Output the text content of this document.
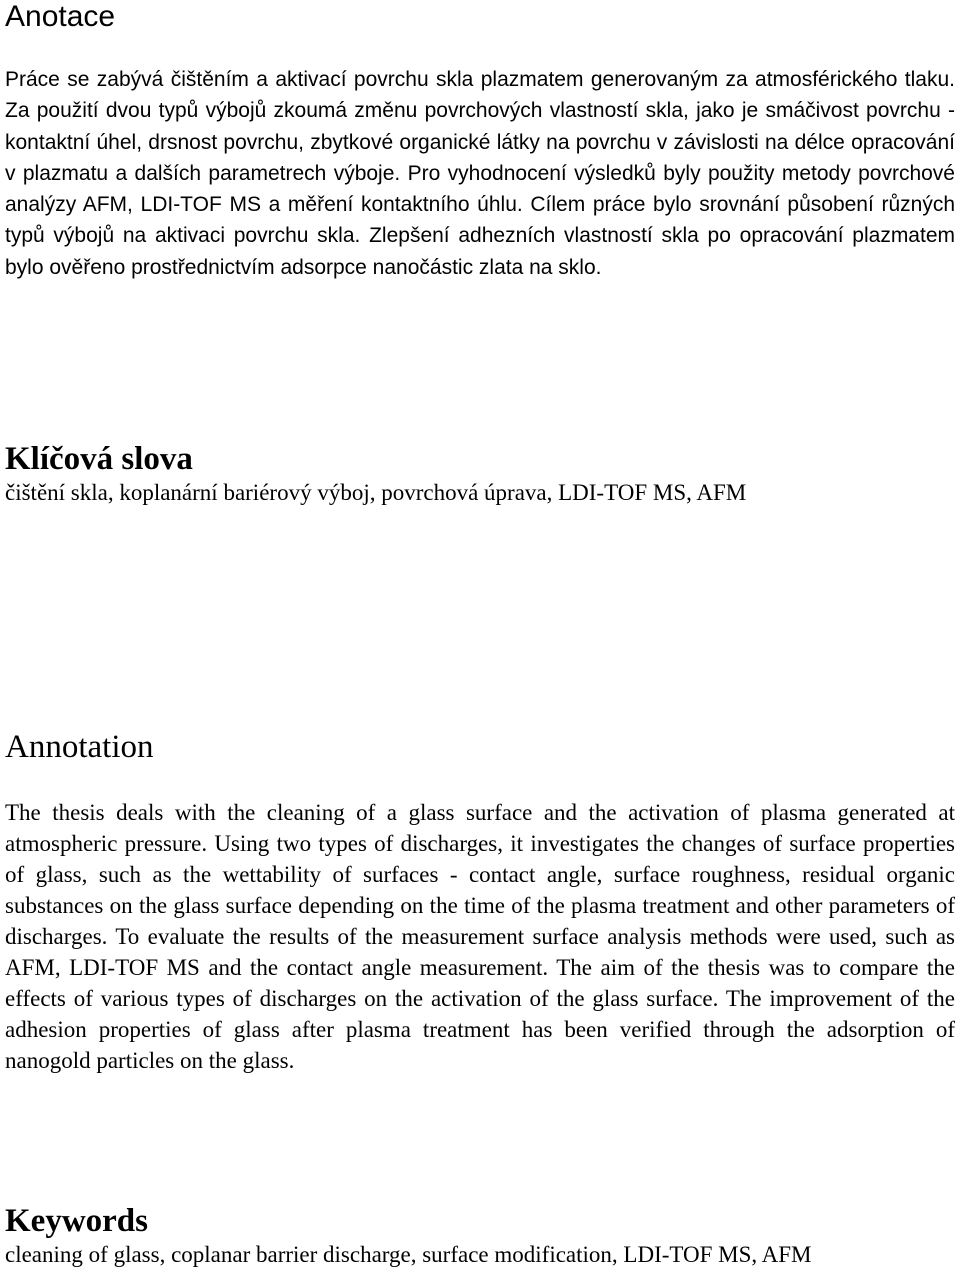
Anotace

Práce se zabývá čištěním a aktivací povrchu skla plazmatem generovaným za atmosférického tlaku. Za použití dvou typů výbojů zkoumá změnu povrchových vlastností skla, jako je smáčivost povrchu - kontaktní úhel, drsnost povrchu, zbytkové organické látky na povrchu v závislosti na délce opracování v plazmatu a dalších parametrech výboje. Pro vyhodnocení výsledků byly použity metody povrchové analýzy AFM, LDI-TOF MS a měření kontaktního úhlu. Cílem práce bylo srovnání působení různých typů výbojů na aktivaci povrchu skla. Zlepšení adhezních vlastností skla po opracování plazmatem bylo ověřeno prostřednictvím adsorpce nanočástic zlata na sklo.

Klíčová slova

čištění skla, koplanární bariérový výboj, povrchová úprava, LDI-TOF MS, AFM

Annotation

The thesis deals with the cleaning of a glass surface and the activation of plasma generated at atmospheric pressure. Using two types of discharges, it investigates the changes of surface properties of glass, such as the wettability of surfaces - contact angle, surface roughness, residual organic substances on the glass surface depending on the time of the plasma treatment and other parameters of discharges. To evaluate the results of the measurement surface analysis methods were used, such as AFM, LDI-TOF MS and the contact angle measurement. The aim of the thesis was to compare the effects of various types of discharges on the activation of the glass surface. The improvement of the adhesion properties of glass after plasma treatment has been verified through the adsorption of nanogold particles on the glass.

Keywords

cleaning of glass, coplanar barrier discharge, surface modification, LDI-TOF MS, AFM
